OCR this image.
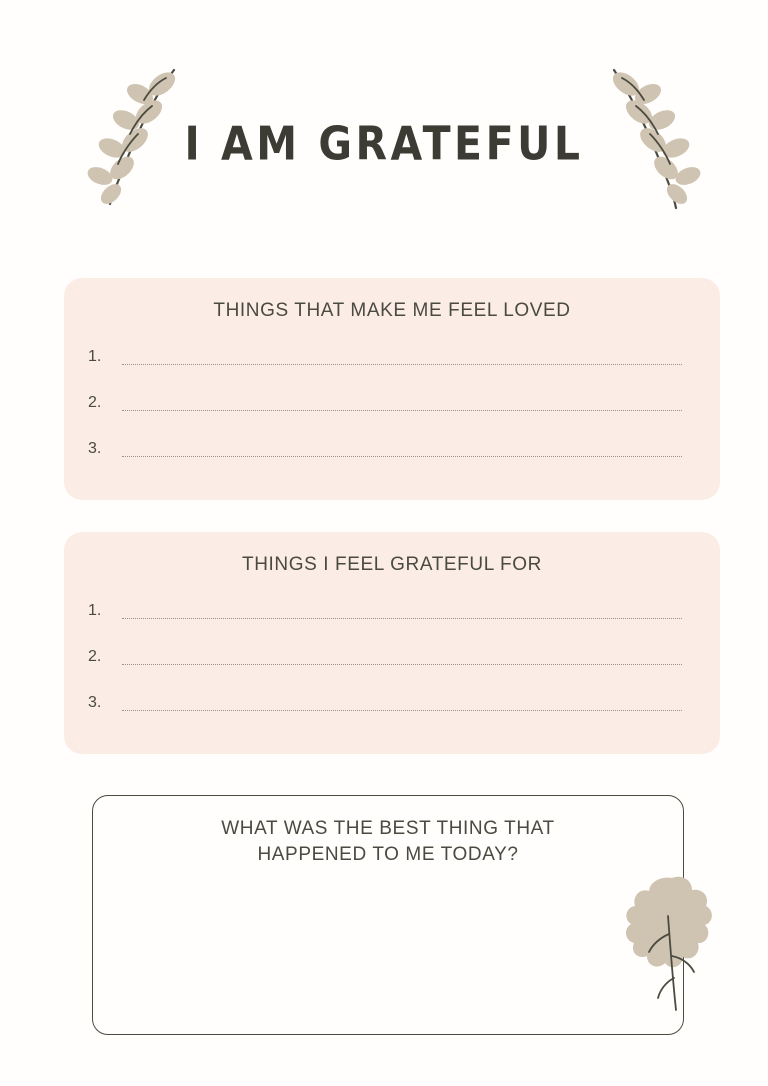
I AM GRATEFUL
THINGS THAT MAKE ME FEEL LOVED
1.
2.
3.
THINGS I FEEL GRATEFUL FOR
1.
2.
3.
WHAT WAS THE BEST THING THAT
HAPPENED TO ME TODAY?
